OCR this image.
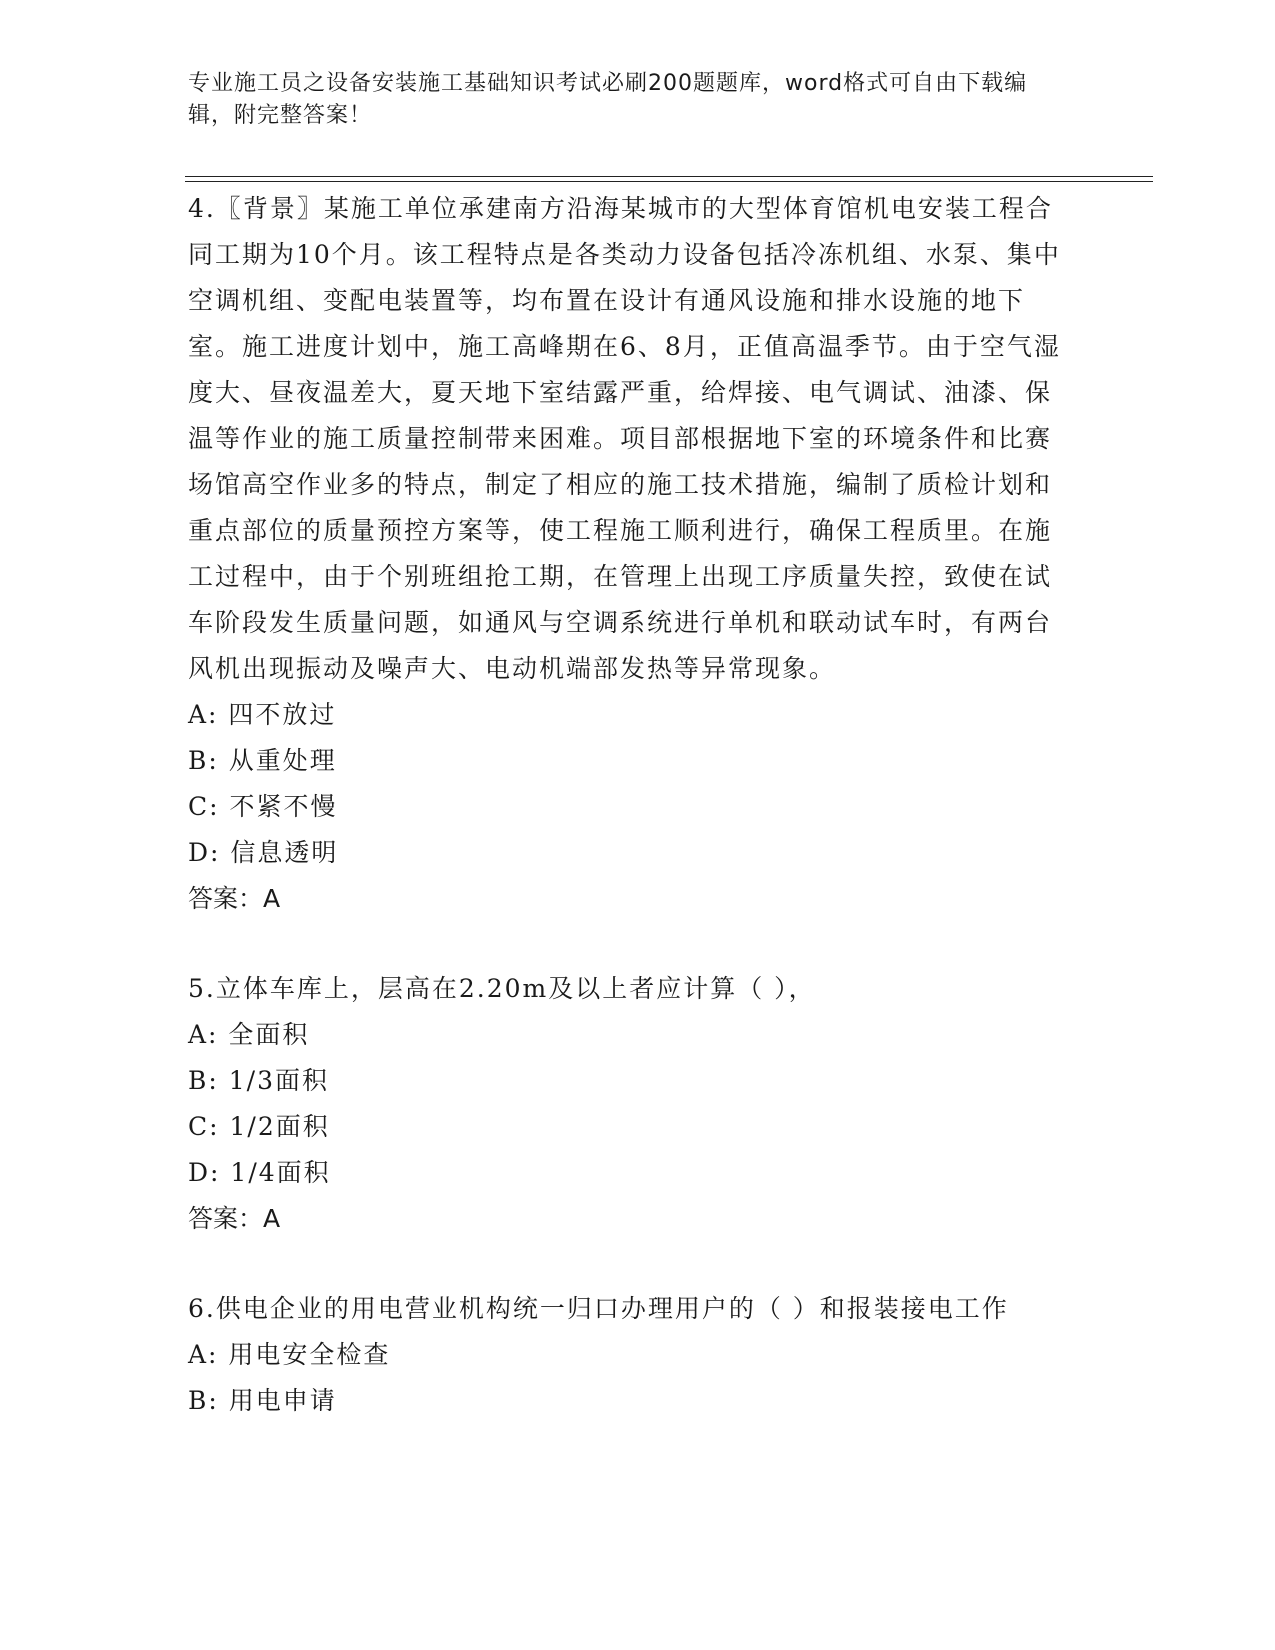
专业施工员之设备安装施工基础知识考试必刷200题题库，word格式可自由下载编辑，附完整答案！

4.〖背景〗某施工单位承建南方沿海某城市的大型体育馆机电安装工程合同工期为10个月。该工程特点是各类动力设备包括冷冻机组、水泵、集中空调机组、变配电装置等，均布置在设计有通风设施和排水设施的地下室。施工进度计划中，施工高峰期在6、8月，正值高温季节。由于空气湿度大、昼夜温差大，夏天地下室结露严重，给焊接、电气调试、油漆、保温等作业的施工质量控制带来困难。项目部根据地下室的环境条件和比赛场馆高空作业多的特点，制定了相应的施工技术措施，编制了质检计划和重点部位的质量预控方案等，使工程施工顺利进行，确保工程质里。在施工过程中，由于个别班组抢工期，在管理上出现工序质量失控，致使在试车阶段发生质量问题，如通风与空调系统进行单机和联动试车时，有两台风机出现振动及噪声大、电动机端部发热等异常现象。

A: 四不放过

B: 从重处理

C: 不紧不慢

D: 信息透明

答案：A

5.立体车库上，层高在2.20m及以上者应计算（ ），

A: 全面积

B: 1/3面积

C: 1/2面积

D: 1/4面积

答案：A

6.供电企业的用电营业机构统一归口办理用户的（ ）和报装接电工作

A: 用电安全检查

B: 用电申请
